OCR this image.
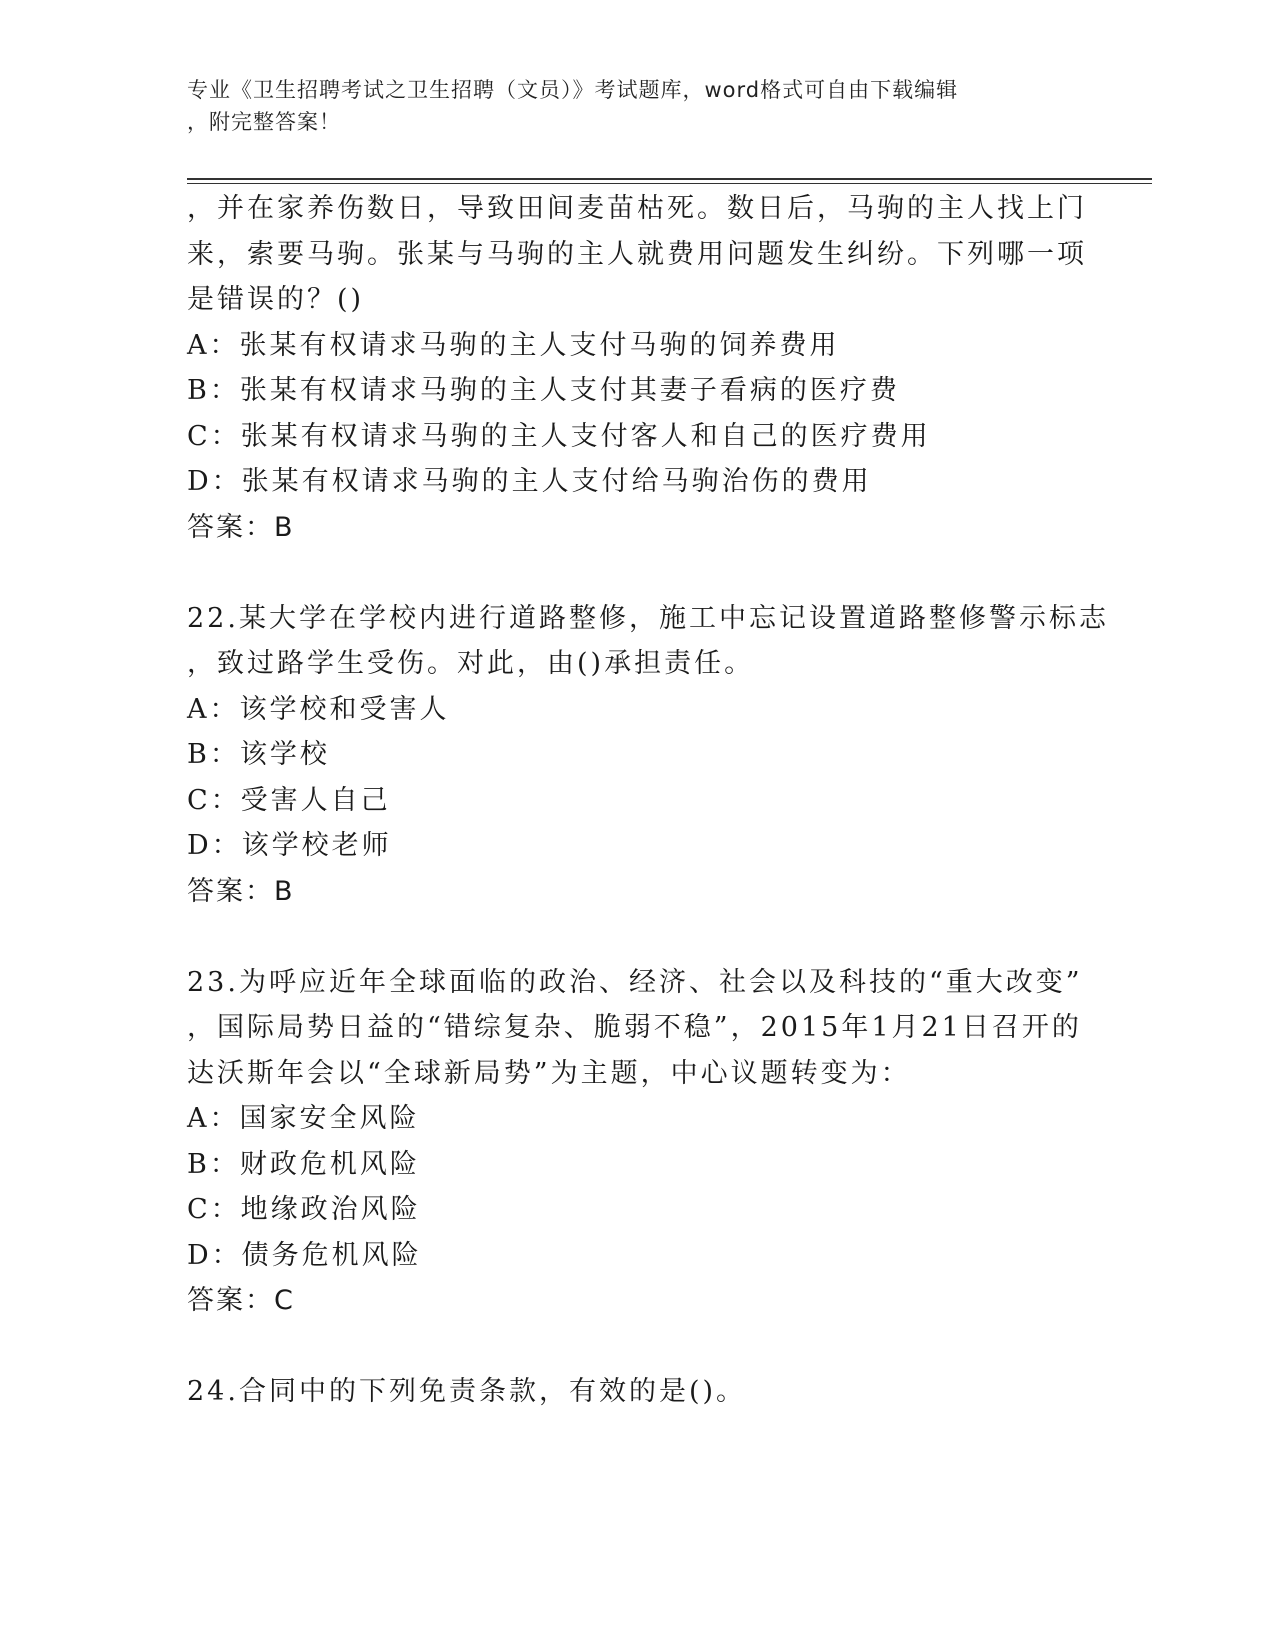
专业《卫生招聘考试之卫生招聘（文员）》考试题库，word格式可自由下载编辑
，附完整答案！
，并在家养伤数日，导致田间麦苗枯死。数日后，马驹的主人找上门
来，索要马驹。张某与马驹的主人就费用问题发生纠纷。下列哪一项
是错误的？()
A：张某有权请求马驹的主人支付马驹的饲养费用
B：张某有权请求马驹的主人支付其妻子看病的医疗费
C：张某有权请求马驹的主人支付客人和自己的医疗费用
D：张某有权请求马驹的主人支付给马驹治伤的费用
答案：B
22.某大学在学校内进行道路整修，施工中忘记设置道路整修警示标志
，致过路学生受伤。对此，由()承担责任。
A：该学校和受害人
B：该学校
C：受害人自己
D：该学校老师
答案：B
23.为呼应近年全球面临的政治、经济、社会以及科技的“重大改变”
，国际局势日益的“错综复杂、脆弱不稳”，2015年1月21日召开的
达沃斯年会以“全球新局势”为主题，中心议题转变为：
A：国家安全风险
B：财政危机风险
C：地缘政治风险
D：债务危机风险
答案：C
24.合同中的下列免责条款，有效的是()。
